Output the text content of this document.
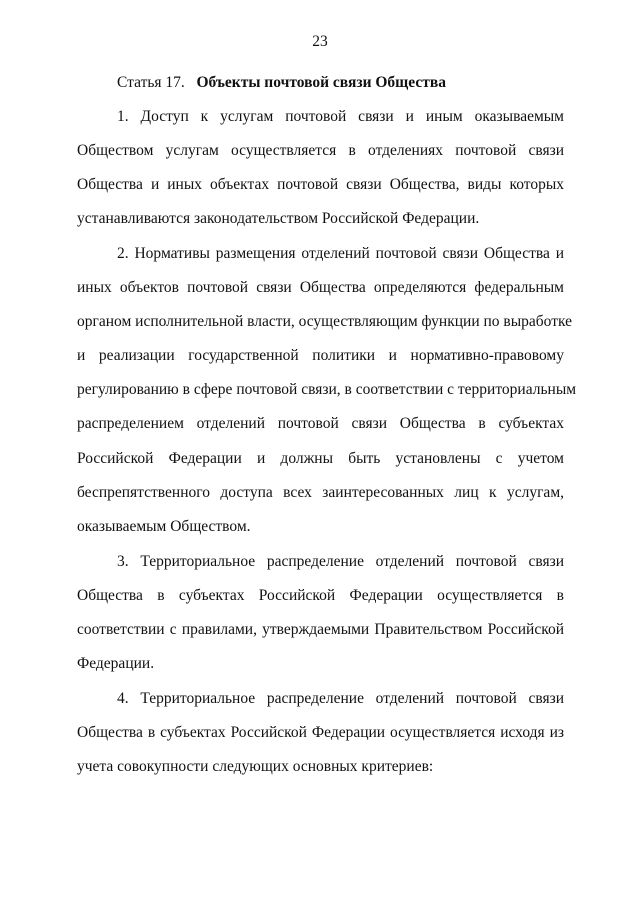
23
Статья 17. Объекты почтовой связи Общества
1. Доступ к услугам почтовой связи и иным оказываемым
Обществом услугам осуществляется в отделениях почтовой связи
Общества и иных объектах почтовой связи Общества, виды которых
устанавливаются законодательством Российской Федерации.
2. Нормативы размещения отделений почтовой связи Общества и
иных объектов почтовой связи Общества определяются федеральным
органом исполнительной власти, осуществляющим функции по выработке
и реализации государственной политики и нормативно-правовому
регулированию в сфере почтовой связи, в соответствии с территориальным
распределением отделений почтовой связи Общества в субъектах
Российской Федерации и должны быть установлены с учетом
беспрепятственного доступа всех заинтересованных лиц к услугам,
оказываемым Обществом.
3. Территориальное распределение отделений почтовой связи
Общества в субъектах Российской Федерации осуществляется в
соответствии с правилами, утверждаемыми Правительством Российской
Федерации.
4. Территориальное распределение отделений почтовой связи
Общества в субъектах Российской Федерации осуществляется исходя из
учета совокупности следующих основных критериев:
